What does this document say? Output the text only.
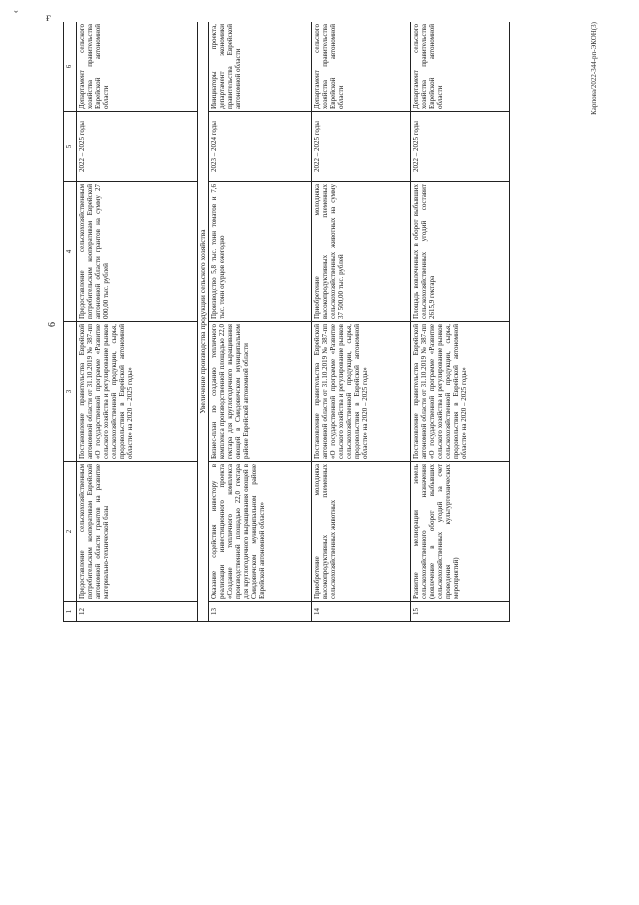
ˇ ғ
6
1	2	3	4	5	6
12	Предоставление сельскохозяйственным потребительским кооперативам Еврейской автономной области грантов на развитие материально-технической базы	Постановление правительства Еврейской автономной области от 31.10.2019 № 387-пп «О государственной программе «Развитие сельского хозяйства и регулирование рынков сельскохозяйственной продукции, сырья, продовольствия в Еврейской автономной области» на 2020 – 2025 годы»	Предоставление сельскохозяйственным потребительским кооперативам Еврейской автономной области грантов на сумму 27 000,00 тыс. рублей	2022 – 2025 годы	Департамент сельского хозяйства правительства Еврейской автономной области
Увеличение производства продукции сельского хозяйства					
13	Оказание содействия инвестору в реализации инвестиционного проекта «Создание тепличного комплекса производственной площадью 22,0 гектара для круглогодичного выращивания овощей в Смидовичском муниципальном районе Еврейской автономной области»	Бизнес-план по созданию тепличного комплекса производственной площадью 22,0 гектара для круглогодичного выращивания овощей в Смидовичском муниципальном районе Еврейской автономной области	Производство 5,8 тыс. тонн томатов и 7,6 тыс. тонн огурцов ежегодно	2023 – 2024 годы	Инициаторы проекта, департамент экономики правительства Еврейской автономной области
14	Приобретение молодняка высокопродуктивных племенных сельскохозяйственных животных	Постановление правительства Еврейской автономной области от 31.10.2019 № 387-пп «О государственной программе «Развитие сельского хозяйства и регулирование рынков сельскохозяйственной продукции, сырья, продовольствия в Еврейской автономной области» на 2020 – 2025 годы»	Приобретение молодняка высокопродуктивных племенных сельскохозяйственных животных на сумму 37 500,00 тыс. рублей	2022 – 2025 годы	Департамент сельского хозяйства правительства Еврейской автономной области
15	Развитие мелиорации земель сельскохозяйственного назначения (вовлечение в оборот выбывших сельскохозяйственных угодий за счет проведения культуртехнических мероприятий)	Постановление правительства Еврейской автономной области от 31.10.2019 № 387-пп «О государственной программе «Развитие сельского хозяйства и регулирование рынков сельскохозяйственной продукции, сырья, продовольствия в Еврейской автономной области» на 2020 – 2025 годы»	Площадь вовлеченных в оборот выбывших сельскохозяйственных угодий составит 2615,9 гектара	2022 – 2025 годы	Департамент сельского хозяйства правительства Еврейской автономной области	Карпова/2022-344-рп-ЭКОН(3)
